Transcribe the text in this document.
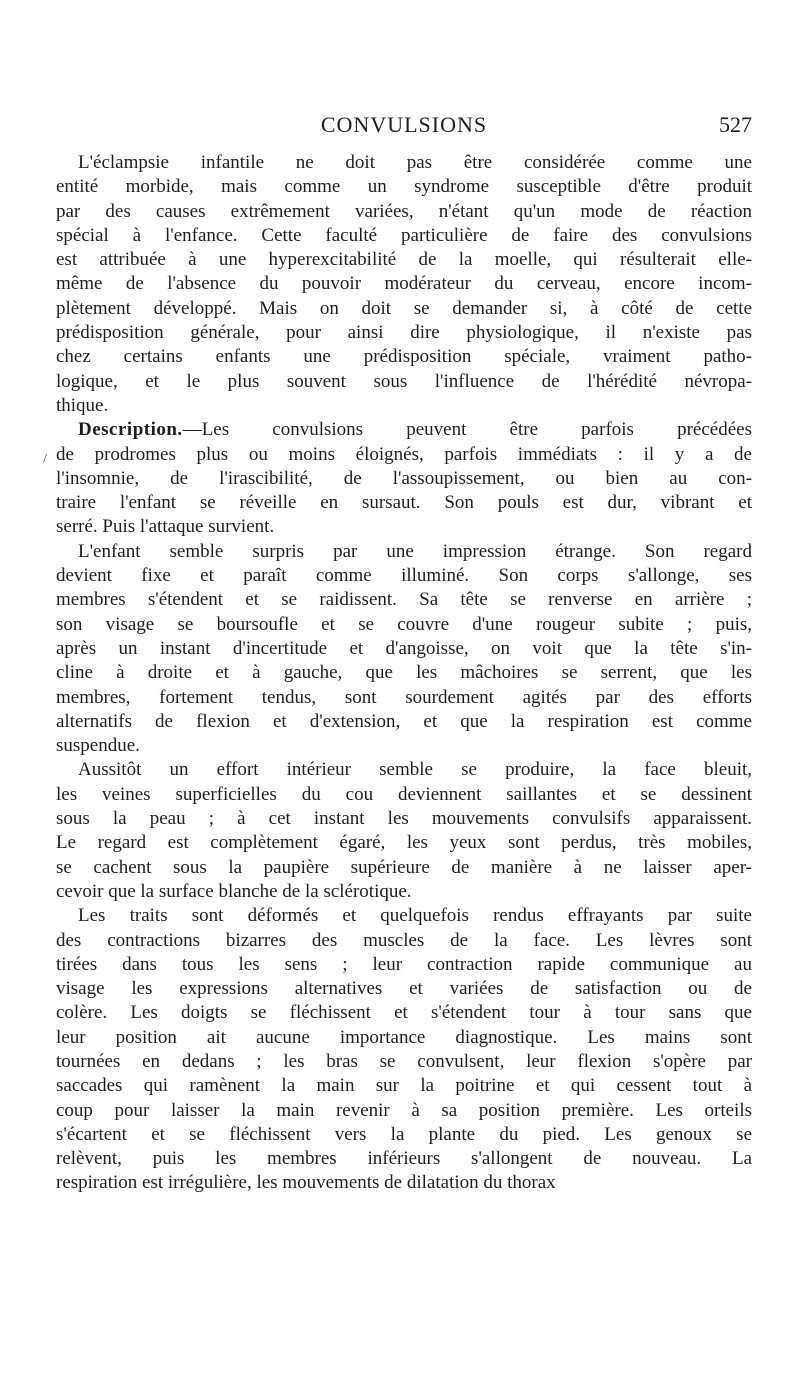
CONVULSIONS	527
/
L'éclampsie infantile ne doit pas être considérée comme une
entité morbide, mais comme un syndrome susceptible d'être produit
par des causes extrêmement variées, n'étant qu'un mode de réaction
spécial à l'enfance. Cette faculté particulière de faire des convulsions
est attribuée à une hyperexcitabilité de la moelle, qui résulterait elle-
même de l'absence du pouvoir modérateur du cerveau, encore incom-
plètement développé. Mais on doit se demander si, à côté de cette
prédisposition générale, pour ainsi dire physiologique, il n'existe pas
chez certains enfants une prédisposition spéciale, vraiment patho-
logique, et le plus souvent sous l'influence de l'hérédité névropa-
thique.
Description.—Les convulsions peuvent être parfois précédées
de prodromes plus ou moins éloignés, parfois immédiats : il y a de
l'insomnie, de l'irascibilité, de l'assoupissement, ou bien au con-
traire l'enfant se réveille en sursaut. Son pouls est dur, vibrant et
serré. Puis l'attaque survient.
L'enfant semble surpris par une impression étrange. Son regard
devient fixe et paraît comme illuminé. Son corps s'allonge, ses
membres s'étendent et se raidissent. Sa tête se renverse en arrière ;
son visage se boursoufle et se couvre d'une rougeur subite ; puis,
après un instant d'incertitude et d'angoisse, on voit que la tête s'in-
cline à droite et à gauche, que les mâchoires se serrent, que les
membres, fortement tendus, sont sourdement agités par des efforts
alternatifs de flexion et d'extension, et que la respiration est comme
suspendue.
Aussitôt un effort intérieur semble se produire, la face bleuit,
les veines superficielles du cou deviennent saillantes et se dessinent
sous la peau ; à cet instant les mouvements convulsifs apparaissent.
Le regard est complètement égaré, les yeux sont perdus, très mobiles,
se cachent sous la paupière supérieure de manière à ne laisser aper-
cevoir que la surface blanche de la sclérotique.
Les traits sont déformés et quelquefois rendus effrayants par suite
des contractions bizarres des muscles de la face. Les lèvres sont
tirées dans tous les sens ; leur contraction rapide communique au
visage les expressions alternatives et variées de satisfaction ou de
colère. Les doigts se fléchissent et s'étendent tour à tour sans que
leur position ait aucune importance diagnostique. Les mains sont
tournées en dedans ; les bras se convulsent, leur flexion s'opère par
saccades qui ramènent la main sur la poitrine et qui cessent tout à
coup pour laisser la main revenir à sa position première. Les orteils
s'écartent et se fléchissent vers la plante du pied. Les genoux se
relèvent, puis les membres inférieurs s'allongent de nouveau. La
respiration est irrégulière, les mouvements de dilatation du thorax
